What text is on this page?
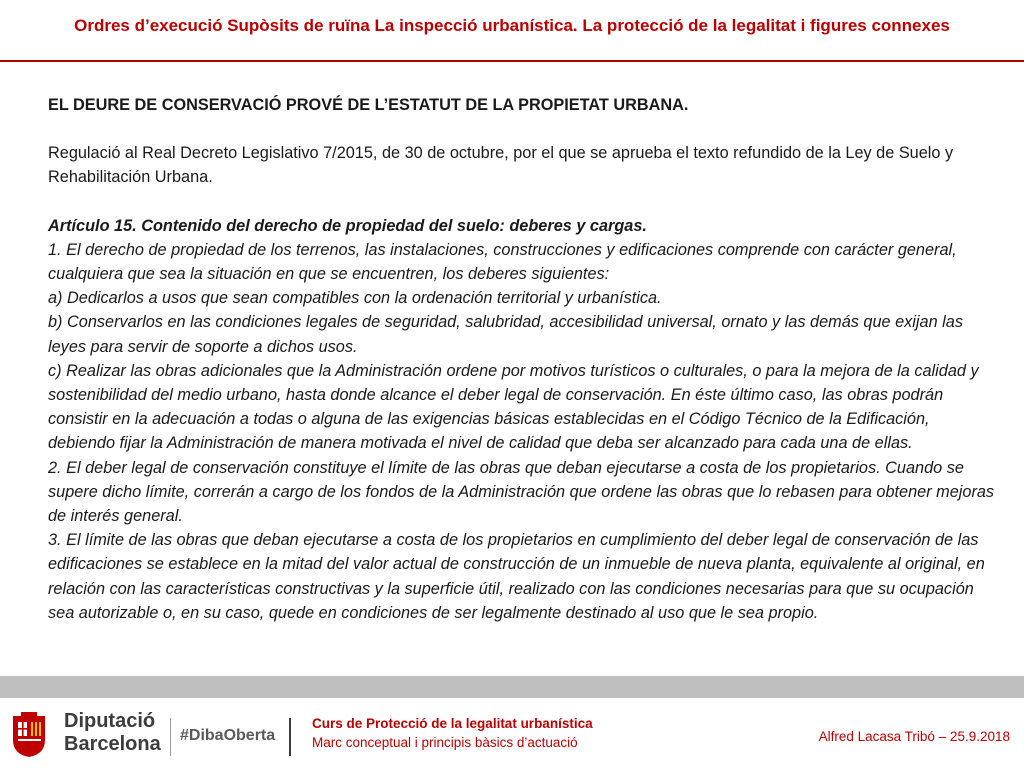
Ordres d’execució Supòsits de ruïna La inspecció urbanística. La protecció de la legalitat i figures connexes

EL DEURE DE CONSERVACIÓ PROVÉ DE L’ESTATUT DE LA PROPIETAT URBANA.

Regulació al Real Decreto Legislativo 7/2015, de 30 de octubre, por el que se aprueba el texto refundido de la Ley de Suelo y Rehabilitación Urbana.

Artículo 15. Contenido del derecho de propiedad del suelo: deberes y cargas.

1. El derecho de propiedad de los terrenos, las instalaciones, construcciones y edificaciones comprende con carácter general, cualquiera que sea la situación en que se encuentren, los deberes siguientes:

a) Dedicarlos a usos que sean compatibles con la ordenación territorial y urbanística.

b) Conservarlos en las condiciones legales de seguridad, salubridad, accesibilidad universal, ornato y las demás que exijan las leyes para servir de soporte a dichos usos.

c) Realizar las obras adicionales que la Administración ordene por motivos turísticos o culturales, o para la mejora de la calidad y sostenibilidad del medio urbano, hasta donde alcance el deber legal de conservación. En éste último caso, las obras podrán consistir en la adecuación a todas o alguna de las exigencias básicas establecidas en el Código Técnico de la Edificación, debiendo fijar la Administración de manera motivada el nivel de calidad que deba ser alcanzado para cada una de ellas.

2. El deber legal de conservación constituye el límite de las obras que deban ejecutarse a costa de los propietarios. Cuando se supere dicho límite, correrán a cargo de los fondos de la Administración que ordene las obras que lo rebasen para obtener mejoras de interés general.

3. El límite de las obras que deban ejecutarse a costa de los propietarios en cumplimiento del deber legal de conservación de las edificaciones se establece en la mitad del valor actual de construcción de un inmueble de nueva planta, equivalente al original, en relación con las características constructivas y la superficie útil, realizado con las condiciones necesarias para que su ocupación sea autorizable o, en su caso, quede en condiciones de ser legalmente destinado al uso que le sea propio.

Diputació
Barcelona #DibaOberta
Curs de Protecció de la legalitat urbanística
Marc conceptual i principis bàsics d’actuació	Alfred Lacasa Tribó – 25.9.2018
